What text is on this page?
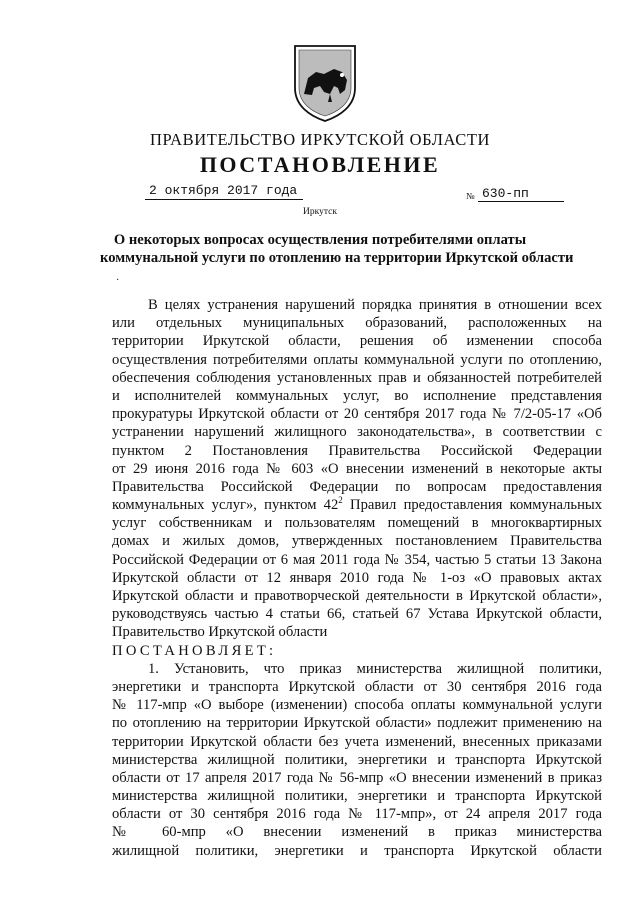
ПРАВИТЕЛЬСТВО ИРКУТСКОЙ ОБЛАСТИ
ПОСТАНОВЛЕНИЕ
2 октября 2017 года	№ 630-пп
Иркутск
О некоторых вопросах осуществления потребителями оплаты
коммунальной услуги по отоплению на территории Иркутской области
·
В целях устранения нарушений порядка принятия в отношении всех
или отдельных муниципальных образований, расположенных на
территории Иркутской области, решения об изменении способа
осуществления потребителями оплаты коммунальной услуги по отоплению,
обеспечения соблюдения установленных прав и обязанностей потребителей
и исполнителей коммунальных услуг, во исполнение представления
прокуратуры Иркутской области от 20 сентября 2017 года № 7/2-05-17 «Об
устранении нарушений жилищного законодательства», в соответствии с
пунктом 2 Постановления Правительства Российской Федерации
от 29 июня 2016 года № 603 «О внесении изменений в некоторые акты
Правительства Российской Федерации по вопросам предоставления
коммунальных услуг», пунктом $42^2$ Правил предоставления коммунальных
услуг собственникам и пользователям помещений в многоквартирных
домах и жилых домов, утвержденных постановлением Правительства
Российской Федерации от 6 мая 2011 года № 354, частью 5 статьи 13 Закона
Иркутской области от 12 января 2010 года № 1-оз «О правовых актах
Иркутской области и правотворческой деятельности в Иркутской области»,
руководствуясь частью 4 статьи 66, статьей 67 Устава Иркутской области,
Правительство Иркутской области
ПОСТАНОВЛЯЕТ:
1. Установить, что приказ министерства жилищной политики,
энергетики и транспорта Иркутской области от 30 сентября 2016 года
№ 117-мпр «О выборе (изменении) способа оплаты коммунальной услуги
по отоплению на территории Иркутской области» подлежит применению на
территории Иркутской области без учета изменений, внесенных приказами
министерства жилищной политики, энергетики и транспорта Иркутской
области от 17 апреля 2017 года № 56-мпр «О внесении изменений в приказ
министерства жилищной политики, энергетики и транспорта Иркутской
области от 30 сентября 2016 года № 117-мпр», от 24 апреля 2017 года
№ 60-мпр «О внесении изменений в приказ министерства
жилищной политики, энергетики и транспорта Иркутской области
